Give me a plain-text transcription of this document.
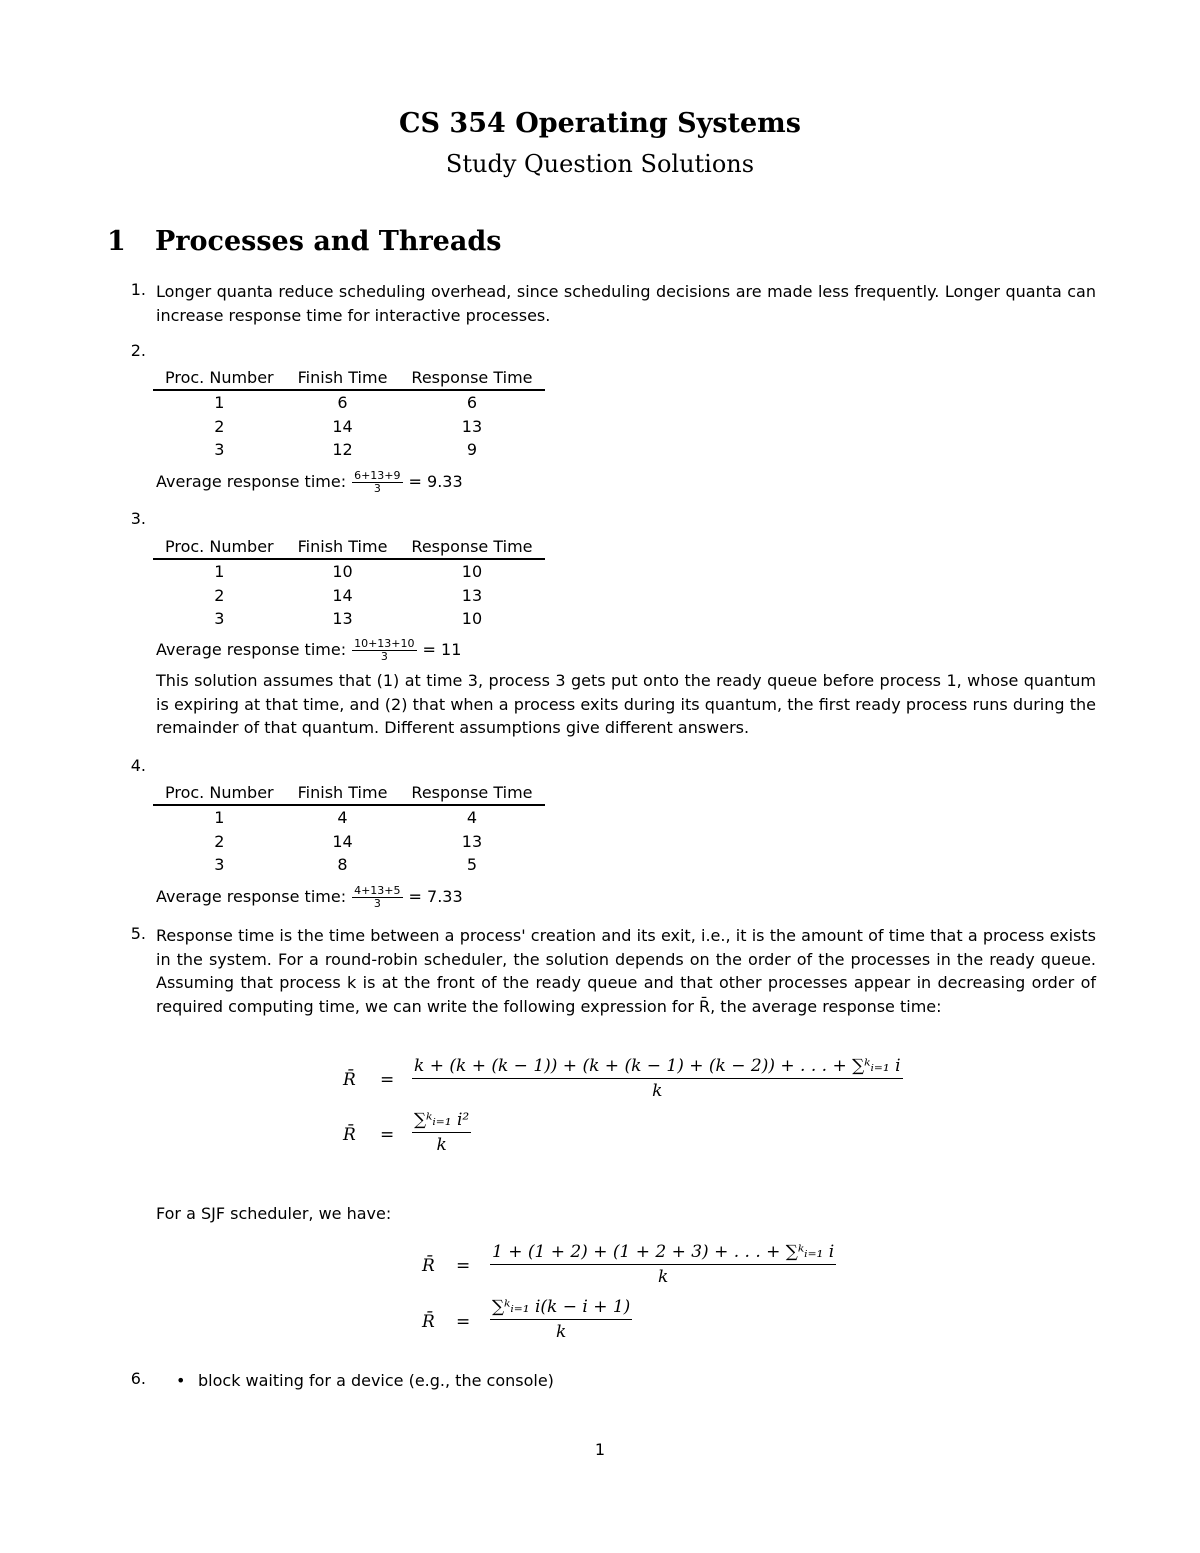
CS 354 Operating Systems
Study Question Solutions
1 Processes and Threads
1. Longer quanta reduce scheduling overhead, since scheduling decisions are made less frequently. Longer quanta can increase response time for interactive processes.
2.
Proc. Number	Finish Time	Response Time
1	6	6
2	14	13
3	12	9
Average response time: $\frac{6+13+9}{3} = 9.33$
3.
Proc. Number	Finish Time	Response Time
1	10	10
2	14	13
3	13	10
Average response time: $\frac{10+13+10}{3} = 11$
This solution assumes that (1) at time 3, process 3 gets put onto the ready queue before process 1, whose quantum is expiring at that time, and (2) that when a process exits during its quantum, the first ready process runs during the remainder of that quantum. Different assumptions give different answers.
4.
Proc. Number	Finish Time	Response Time
1	4	4
2	14	13
3	8	5
Average response time: $\frac{4+13+5}{3} = 7.33$
5. Response time is the time between a process' creation and its exit, i.e., it is the amount of time that a process exists in the system. For a round-robin scheduler, the solution depends on the order of the processes in the ready queue. Assuming that process k is at the front of the ready queue and that other processes appear in decreasing order of required computing time, we can write the following expression for R̄, the average response time:
R̄ =
k + (k + (k − 1)) + (k + (k − 1) + (k − 2)) + . . . + ∑ᵏᵢ₌₁ i
k
R̄ = $\frac{\text{∑ᵏᵢ₌₁ i²}}{k}$
For a SJF scheduler, we have:
R̄ = $\frac{\text{1 + (1 + 2) + (1 + 2 + 3) + . . . + ∑ᵏᵢ₌₁ i}}{k}$
R̄ = $\frac{\text{∑ᵏᵢ₌₁ i(k − i + 1)}}{k}$
6. • block waiting for a device (e.g., the console)
1
